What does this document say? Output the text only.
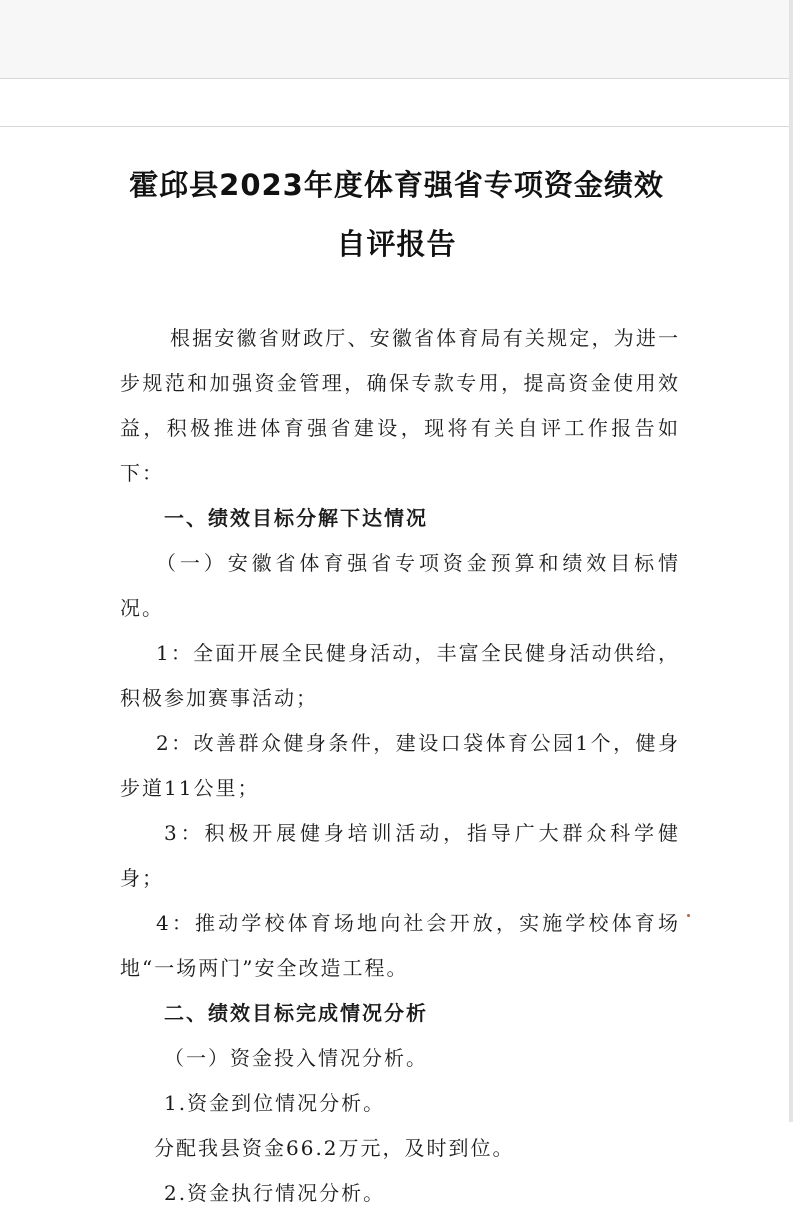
霍邱县2023年度体育强省专项资金绩效
自评报告

根据安徽省财政厅、安徽省体育局有关规定，为进一步规范和加强资金管理，确保专款专用，提高资金使用效益，积极推进体育强省建设，现将有关自评工作报告如下：

一、绩效目标分解下达情况

（一）安徽省体育强省专项资金预算和绩效目标情况。

1：全面开展全民健身活动，丰富全民健身活动供给，积极参加赛事活动；

2：改善群众健身条件，建设口袋体育公园1个，健身步道11公里；

3：积极开展健身培训活动，指导广大群众科学健身；

4：推动学校体育场地向社会开放，实施学校体育场地“一场两门”安全改造工程。

二、绩效目标完成情况分析

（一）资金投入情况分析。

1.资金到位情况分析。

分配我县资金66.2万元，及时到位。

2.资金执行情况分析。
